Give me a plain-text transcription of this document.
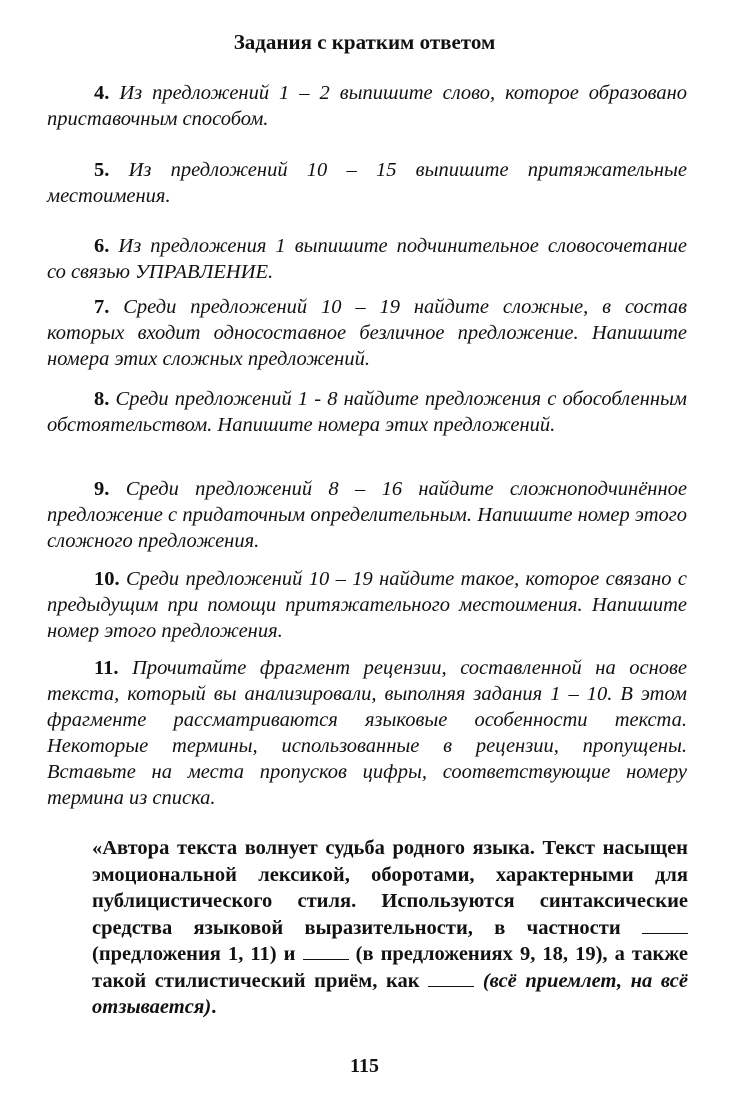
Задания с кратким ответом
4. Из предложений 1 – 2 выпишите слово, которое образовано приставочным способом.
5. Из предложений 10 – 15 выпишите притяжательные местоимения.
6. Из предложения 1 выпишите подчинительное словосочетание со связью УПРАВЛЕНИЕ.
7. Среди предложений 10 – 19 найдите сложные, в состав которых входит односоставное безличное предложение. Напишите номера этих сложных предложений.
8. Среди предложений 1 - 8 найдите предложения с обособленным обстоятельством. Напишите номера этих предложений.
9. Среди предложений 8 – 16 найдите сложноподчинённое предложение с придаточным определительным. Напишите номер этого сложного предложения.
10. Среди предложений 10 – 19 найдите такое, которое связано с предыдущим при помощи притяжательного местоимения. Напишите номер этого предложения.
11. Прочитайте фрагмент рецензии, составленной на основе текста, который вы анализировали, выполняя задания 1 – 10. В этом фрагменте рассматриваются языковые особенности текста. Некоторые термины, использованные в рецензии, пропущены. Вставьте на места пропусков цифры, соответствующие номеру термина из списка.
«Автора текста волнует судьба родного языка. Текст насыщен эмоциональной лексикой, оборотами, характерными для публицистического стиля. Используются синтаксические средства языковой выразительности, в частности  (предложения 1, 11) и	(в предложениях 9, 18, 19), а также такой стилистический приём, как	(всё приемлет, на всё отзывается).
115
